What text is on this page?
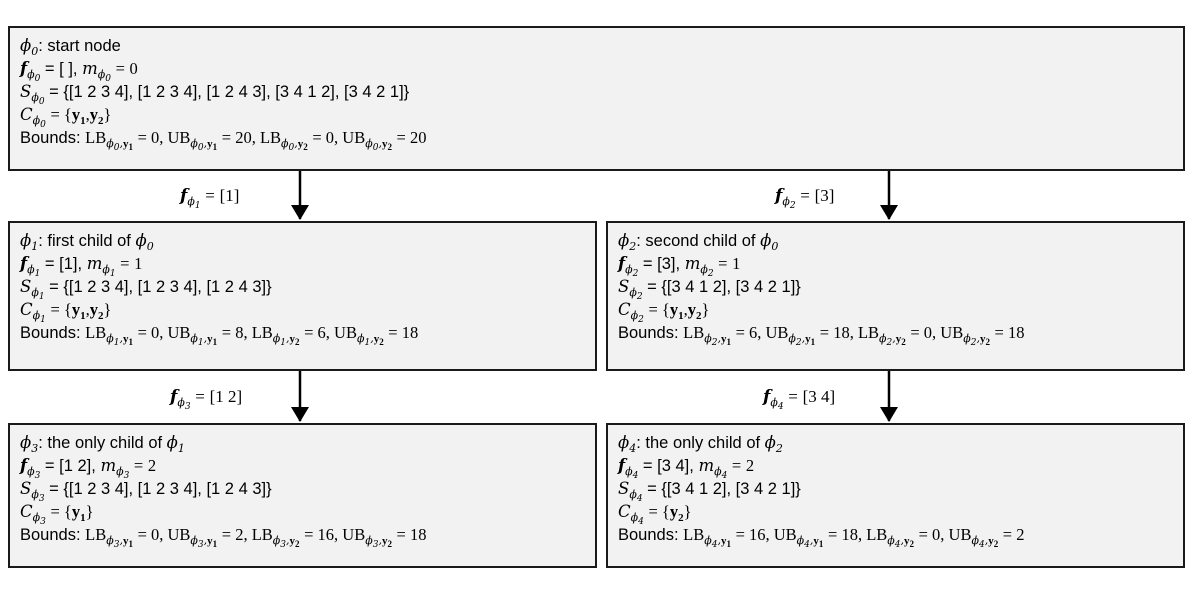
$f_{\phi_1} = [1]$	$f_{\phi_2} = [3]$
$f_{\phi_3} = [1$ 2]	$f_{\phi_4} = [3$ 4]
$\phi_0$: start node
$f_{\phi_0}$ = [ ], $m_{\phi_0} = 0$
$S_{\phi_0} = \{[1$ 2 3 4], [1 2 3 4], [1 2 4 3], [3 4 1 2], [3 4 2 1]}
$C_{\phi_0} = \{y_1,y_2\}$
Bounds: $LB_{\phi_0,y_1} = 0$, $UB_{\phi_0,y_1} = 20$, $LB_{\phi_0,y_2} = 0$, $UB_{\phi_0,y_2} = 20$
$\phi_1$: first child of $\phi_0$
$f_{\phi_1} = [1]$, $m_{\phi_1} = 1$
$S_{\phi_1} = \{[1$ 2 3 4], [1 2 3 4], [1 2 4 3]}
$C_{\phi_1} = \{y_1,y_2\}$
Bounds: $LB_{\phi_1,y_1} = 0$, $UB_{\phi_1,y_1} = 8$, $LB_{\phi_1,y_2} = 6$, $UB_{\phi_1,y_2} = 18$
$\phi_2$: second child of $\phi_0$
$f_{\phi_2} = [3]$, $m_{\phi_2} = 1$
$S_{\phi_2} = \{[3$ 4 1 2], [3 4 2 1]}
$C_{\phi_2} = \{y_1,y_2\}$
Bounds: $LB_{\phi_2,y_1} = 6$, $UB_{\phi_2,y_1} = 18$, $LB_{\phi_2,y_2} = 0$, $UB_{\phi_2,y_2} = 18$
$\phi_3$: the only child of $\phi_1$
$f_{\phi_3} = [1$ 2], $m_{\phi_3} = 2$
$S_{\phi_3} = \{[1$ 2 3 4], [1 2 3 4], [1 2 4 3]}
$C_{\phi_3} = \{y_1\}$
Bounds: $LB_{\phi_3,y_1} = 0$, $UB_{\phi_3,y_1} = 2$, $LB_{\phi_3,y_2} = 16$, $UB_{\phi_3,y_2} = 18$
$\phi_4$: the only child of $\phi_2$
$f_{\phi_4} = [3$ 4], $m_{\phi_4} = 2$
$S_{\phi_4} = \{[3$ 4 1 2], [3 4 2 1]}
$C_{\phi_4} = \{y_2\}$
Bounds: $LB_{\phi_4,y_1} = 16$, $UB_{\phi_4,y_1} = 18$, $LB_{\phi_4,y_2} = 0$, $UB_{\phi_4,y_2} = 2$
